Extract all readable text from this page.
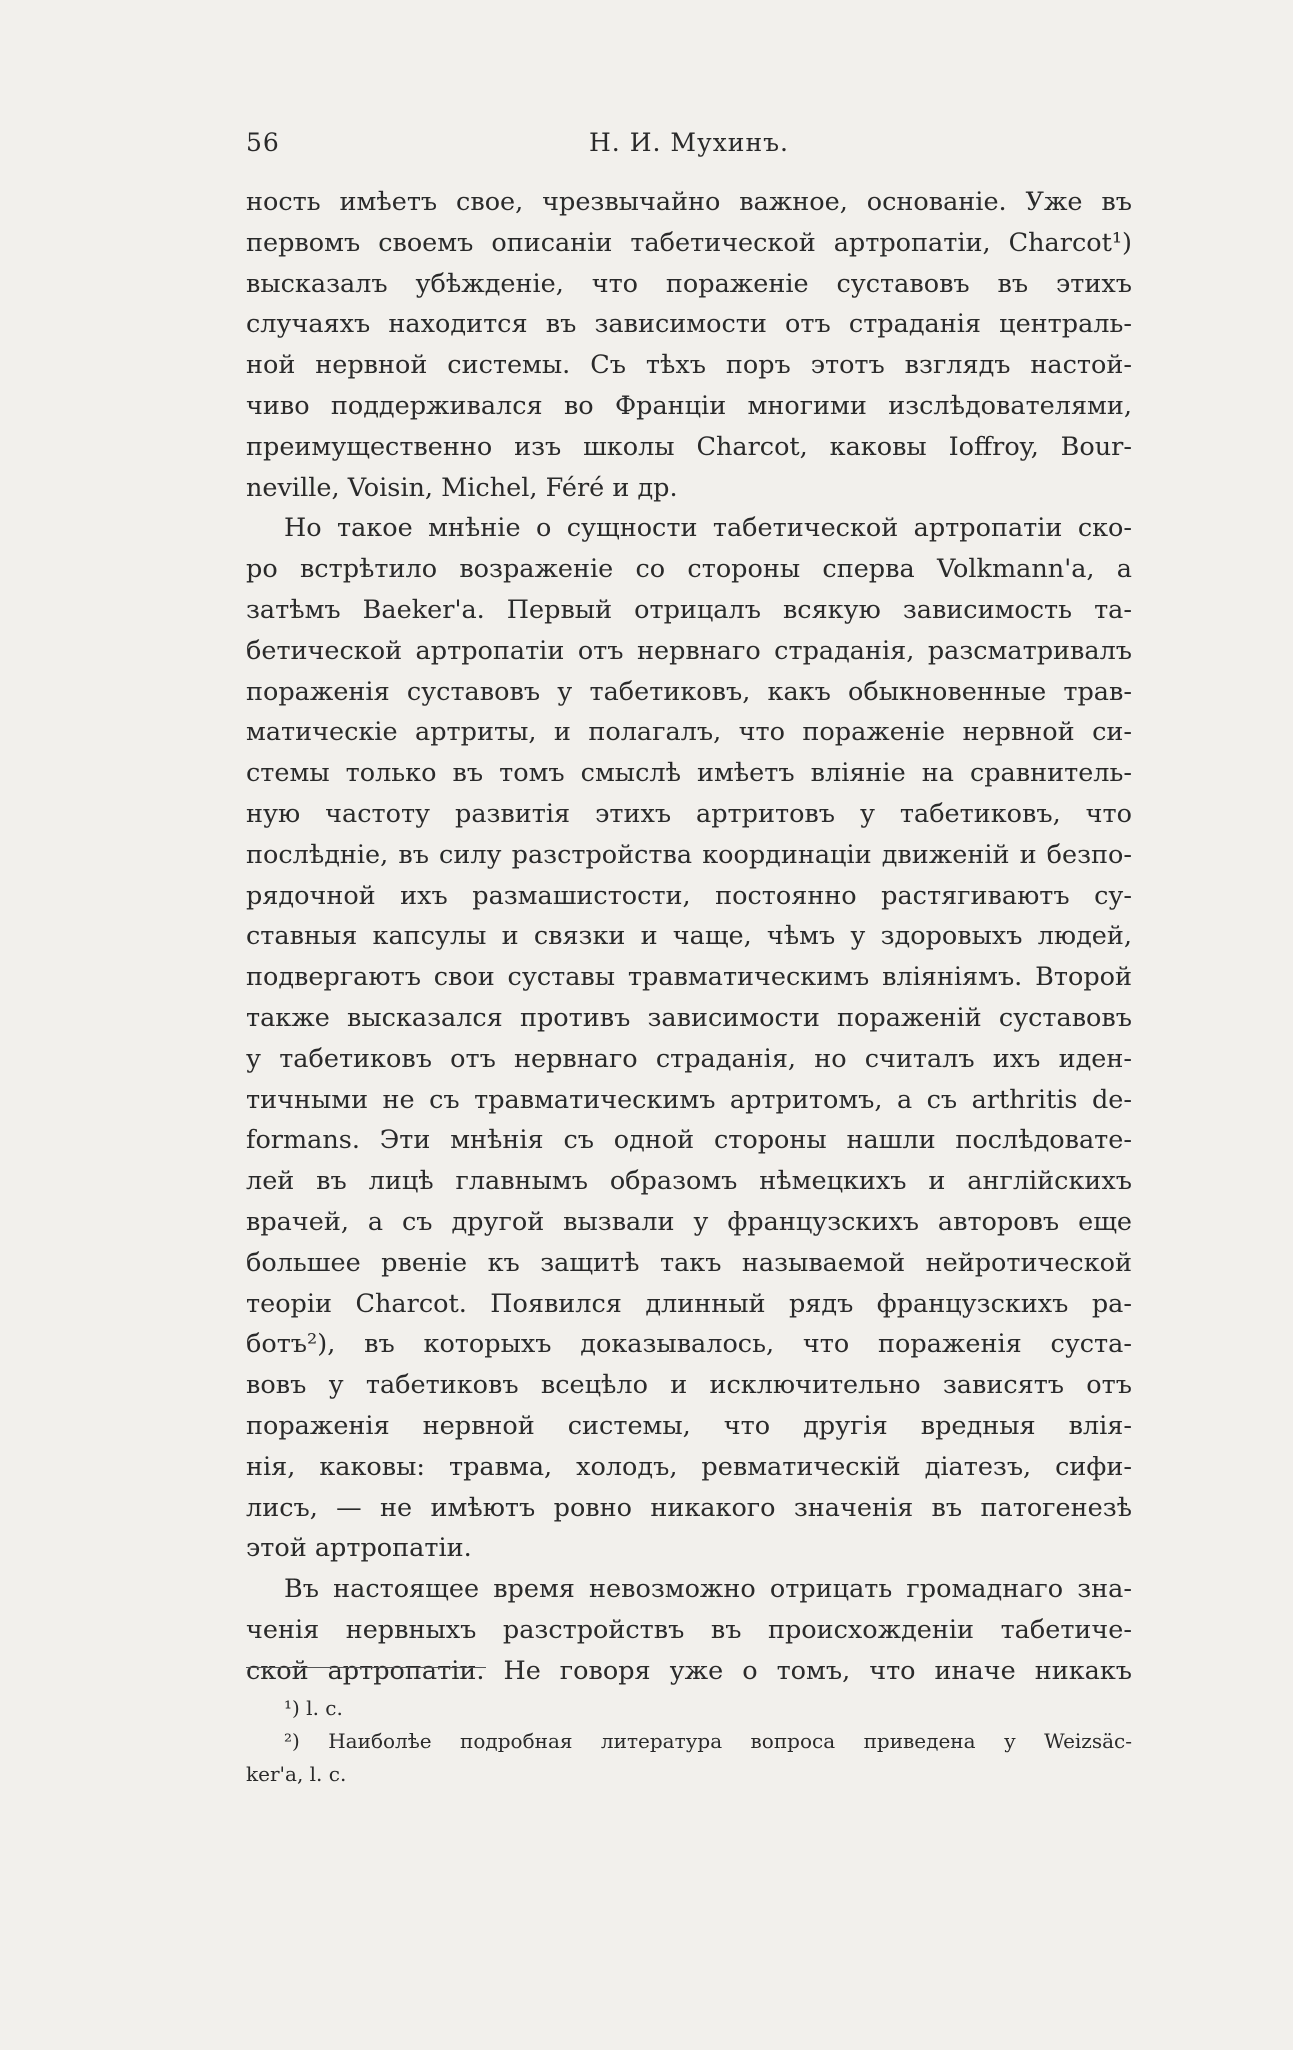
56	Н. И. Мухинъ.
ность имѣетъ свое, чрезвычайно важное, основаніе. Уже въ
первомъ своемъ описаніи табетической артропатіи, Charcot¹)
высказалъ убѣжденіе, что пораженіе суставовъ въ этихъ
случаяхъ находится въ зависимости отъ страданія централь-
ной нервной системы. Съ тѣхъ поръ этотъ взглядъ настой-
чиво поддерживался во Франціи многими изслѣдователями,
преимущественно изъ школы Charcot, каковы Ioffroy, Bour-
neville, Voisin, Michel, Féré и др.
Но такое мнѣніе о сущности табетической артропатіи ско-
ро встрѣтило возраженіе со стороны сперва Volkmann'а, а
затѣмъ Baeker'а. Первый отрицалъ всякую зависимость та-
бетической артропатіи отъ нервнаго страданія, разсматривалъ
пораженія суставовъ у табетиковъ, какъ обыкновенные трав-
матическіе артриты, и полагалъ, что пораженіе нервной си-
стемы только въ томъ смыслѣ имѣетъ вліяніе на сравнитель-
ную частоту развитія этихъ артритовъ у табетиковъ, что
послѣдніе, въ силу разстройства координаціи движеній и безпо-
рядочной ихъ размашистости, постоянно растягиваютъ су-
ставныя капсулы и связки и чаще, чѣмъ у здоровыхъ людей,
подвергаютъ свои суставы травматическимъ вліяніямъ. Второй
также высказался противъ зависимости пораженій суставовъ
у табетиковъ отъ нервнаго страданія, но считалъ ихъ иден-
тичными не съ травматическимъ артритомъ, а съ arthritis de-
formans. Эти мнѣнія съ одной стороны нашли послѣдовате-
лей въ лицѣ главнымъ образомъ нѣмецкихъ и англійскихъ
врачей, а съ другой вызвали у французскихъ авторовъ еще
большее рвеніе къ защитѣ такъ называемой нейротической
теоріи Charcot. Появился длинный рядъ французскихъ ра-
ботъ²), въ которыхъ доказывалось, что пораженія суста-
вовъ у табетиковъ всецѣло и исключительно зависятъ отъ
пораженія нервной системы, что другія вредныя влія-
нія, каковы: травма, холодъ, ревматическій діатезъ, сифи-
лисъ, — не имѣютъ ровно никакого значенія въ патогенезѣ
этой артропатіи.
Въ настоящее время невозможно отрицать громаднаго зна-
ченія нервныхъ разстройствъ въ происхожденіи табетиче-
ской артропатіи. Не говоря уже о томъ, что иначе никакъ
¹) l. c.
²) Наиболѣе подробная литература вопроса приведена у Weizsäc-
ker'а, l. c.
